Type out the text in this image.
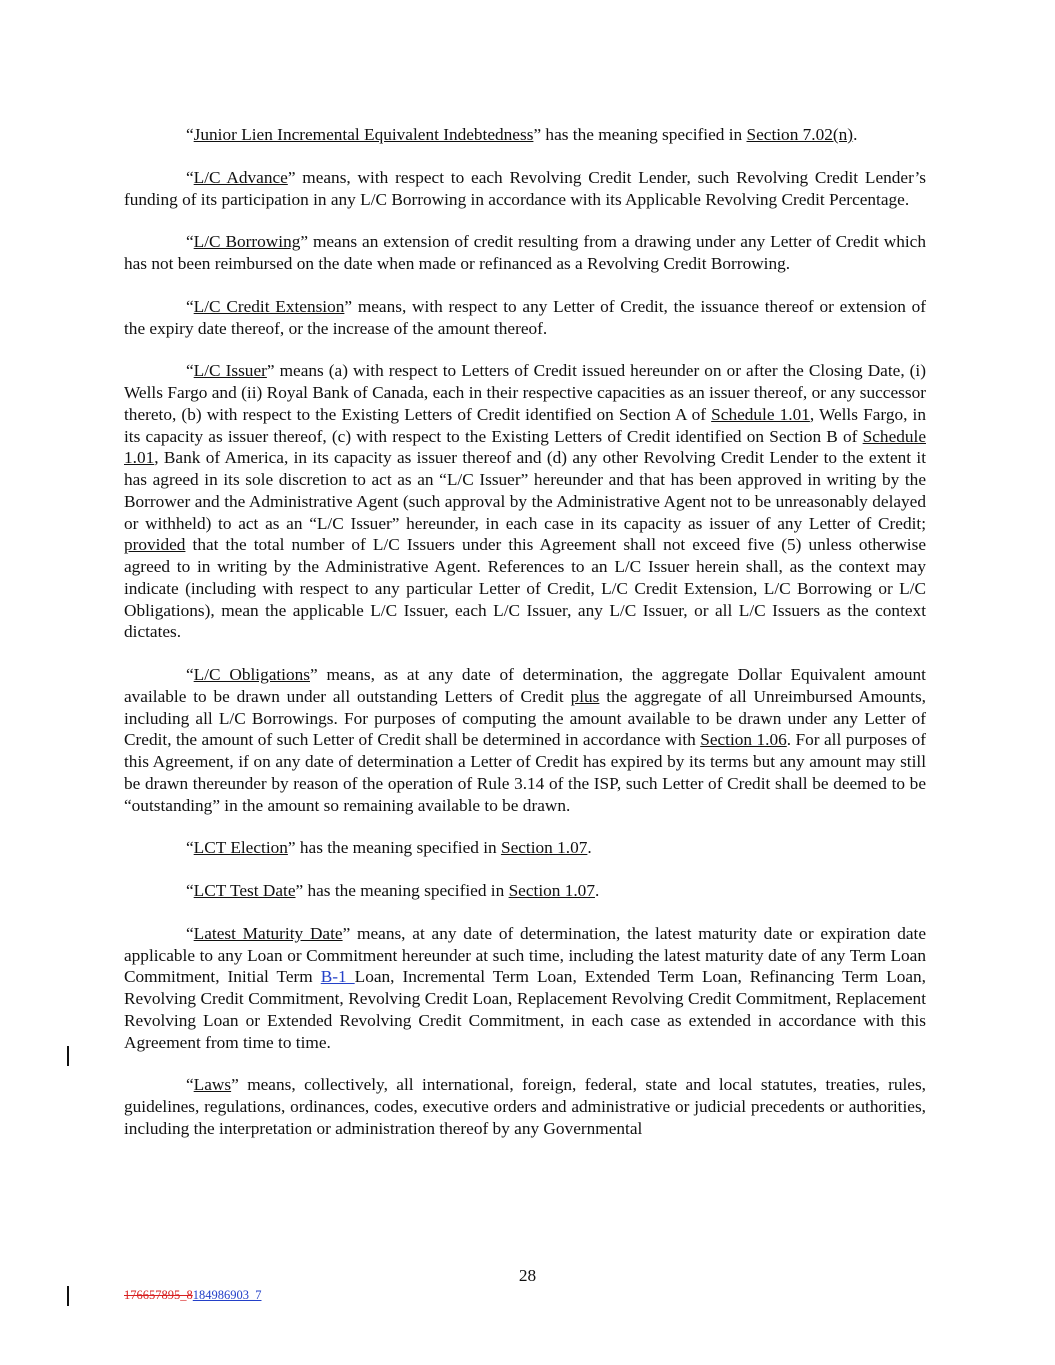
“Junior Lien Incremental Equivalent Indebtedness” has the meaning specified in Section 7.02(n).

“L/C Advance” means, with respect to each Revolving Credit Lender, such Revolving Credit Lender’s funding of its participation in any L/C Borrowing in accordance with its Applicable Revolving Credit Percentage.

“L/C Borrowing” means an extension of credit resulting from a drawing under any Letter of Credit which has not been reimbursed on the date when made or refinanced as a Revolving Credit Borrowing.

“L/C Credit Extension” means, with respect to any Letter of Credit, the issuance thereof or extension of the expiry date thereof, or the increase of the amount thereof.

“L/C Issuer” means (a) with respect to Letters of Credit issued hereunder on or after the Closing Date, (i) Wells Fargo and (ii) Royal Bank of Canada, each in their respective capacities as an issuer thereof, or any successor thereto, (b) with respect to the Existing Letters of Credit identified on Section A of Schedule 1.01, Wells Fargo, in its capacity as issuer thereof, (c) with respect to the Existing Letters of Credit identified on Section B of Schedule 1.01, Bank of America, in its capacity as issuer thereof and (d) any other Revolving Credit Lender to the extent it has agreed in its sole discretion to act as an “L/C Issuer” hereunder and that has been approved in writing by the Borrower and the Administrative Agent (such approval by the Administrative Agent not to be unreasonably delayed or withheld) to act as an “L/C Issuer” hereunder, in each case in its capacity as issuer of any Letter of Credit; provided that the total number of L/C Issuers under this Agreement shall not exceed five (5) unless otherwise agreed to in writing by the Administrative Agent. References to an L/C Issuer herein shall, as the context may indicate (including with respect to any particular Letter of Credit, L/C Credit Extension, L/C Borrowing or L/C Obligations), mean the applicable L/C Issuer, each L/C Issuer, any L/C Issuer, or all L/C Issuers as the context dictates.

“L/C Obligations” means, as at any date of determination, the aggregate Dollar Equivalent amount available to be drawn under all outstanding Letters of Credit plus the aggregate of all Unreimbursed Amounts, including all L/C Borrowings. For purposes of computing the amount available to be drawn under any Letter of Credit, the amount of such Letter of Credit shall be determined in accordance with Section 1.06. For all purposes of this Agreement, if on any date of determination a Letter of Credit has expired by its terms but any amount may still be drawn thereunder by reason of the operation of Rule 3.14 of the ISP, such Letter of Credit shall be deemed to be “outstanding” in the amount so remaining available to be drawn.

“LCT Election” has the meaning specified in Section 1.07.

“LCT Test Date” has the meaning specified in Section 1.07.

“Latest Maturity Date” means, at any date of determination, the latest maturity date or expiration date applicable to any Loan or Commitment hereunder at such time, including the latest maturity date of any Term Loan Commitment, Initial Term B-1 Loan, Incremental Term Loan, Extended Term Loan, Refinancing Term Loan, Revolving Credit Commitment, Revolving Credit Loan, Replacement Revolving Credit Commitment, Replacement Revolving Loan or Extended Revolving Credit Commitment, in each case as extended in accordance with this Agreement from time to time.

“Laws” means, collectively, all international, foreign, federal, state and local statutes, treaties, rules, guidelines, regulations, ordinances, codes, executive orders and administrative or judicial precedents or authorities, including the interpretation or administration thereof by any Governmental

28
176657895_8184986903_7
